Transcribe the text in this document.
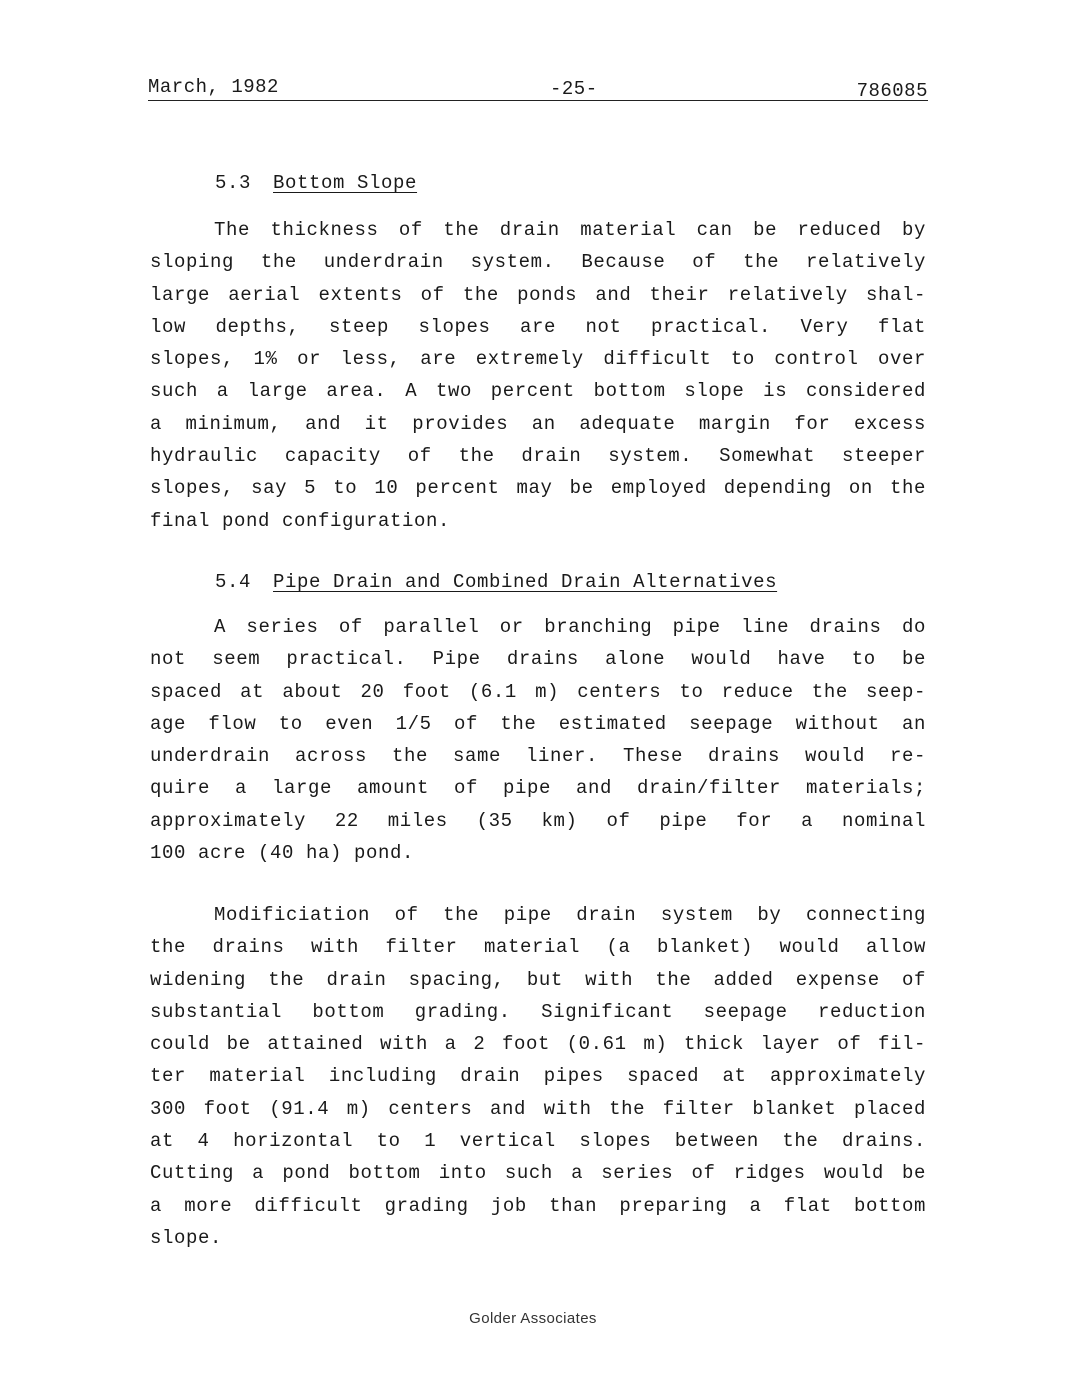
March, 1982	-25-	786085
5.3 Bottom Slope
The thickness of the drain material can be reduced by
sloping the underdrain system. Because of the relatively
large aerial extents of the ponds and their relatively shal-
low depths, steep slopes are not practical. Very flat
slopes, 1% or less, are extremely difficult to control over
such a large area. A two percent bottom slope is considered
a minimum, and it provides an adequate margin for excess
hydraulic capacity of the drain system. Somewhat steeper
slopes, say 5 to 10 percent may be employed depending on the
final pond configuration.
5.4 Pipe Drain and Combined Drain Alternatives
A series of parallel or branching pipe line drains do
not seem practical. Pipe drains alone would have to be
spaced at about 20 foot (6.1 m) centers to reduce the seep-
age flow to even 1/5 of the estimated seepage without an
underdrain across the same liner. These drains would re-
quire a large amount of pipe and drain/filter materials;
approximately 22 miles (35 km) of pipe for a nominal
100 acre (40 ha) pond.
Modificiation of the pipe drain system by connecting
the drains with filter material (a blanket) would allow
widening the drain spacing, but with the added expense of
substantial bottom grading. Significant seepage reduction
could be attained with a 2 foot (0.61 m) thick layer of fil-
ter material including drain pipes spaced at approximately
300 foot (91.4 m) centers and with the filter blanket placed
at 4 horizontal to 1 vertical slopes between the drains.
Cutting a pond bottom into such a series of ridges would be
a more difficult grading job than preparing a flat bottom
slope.
Golder Associates
